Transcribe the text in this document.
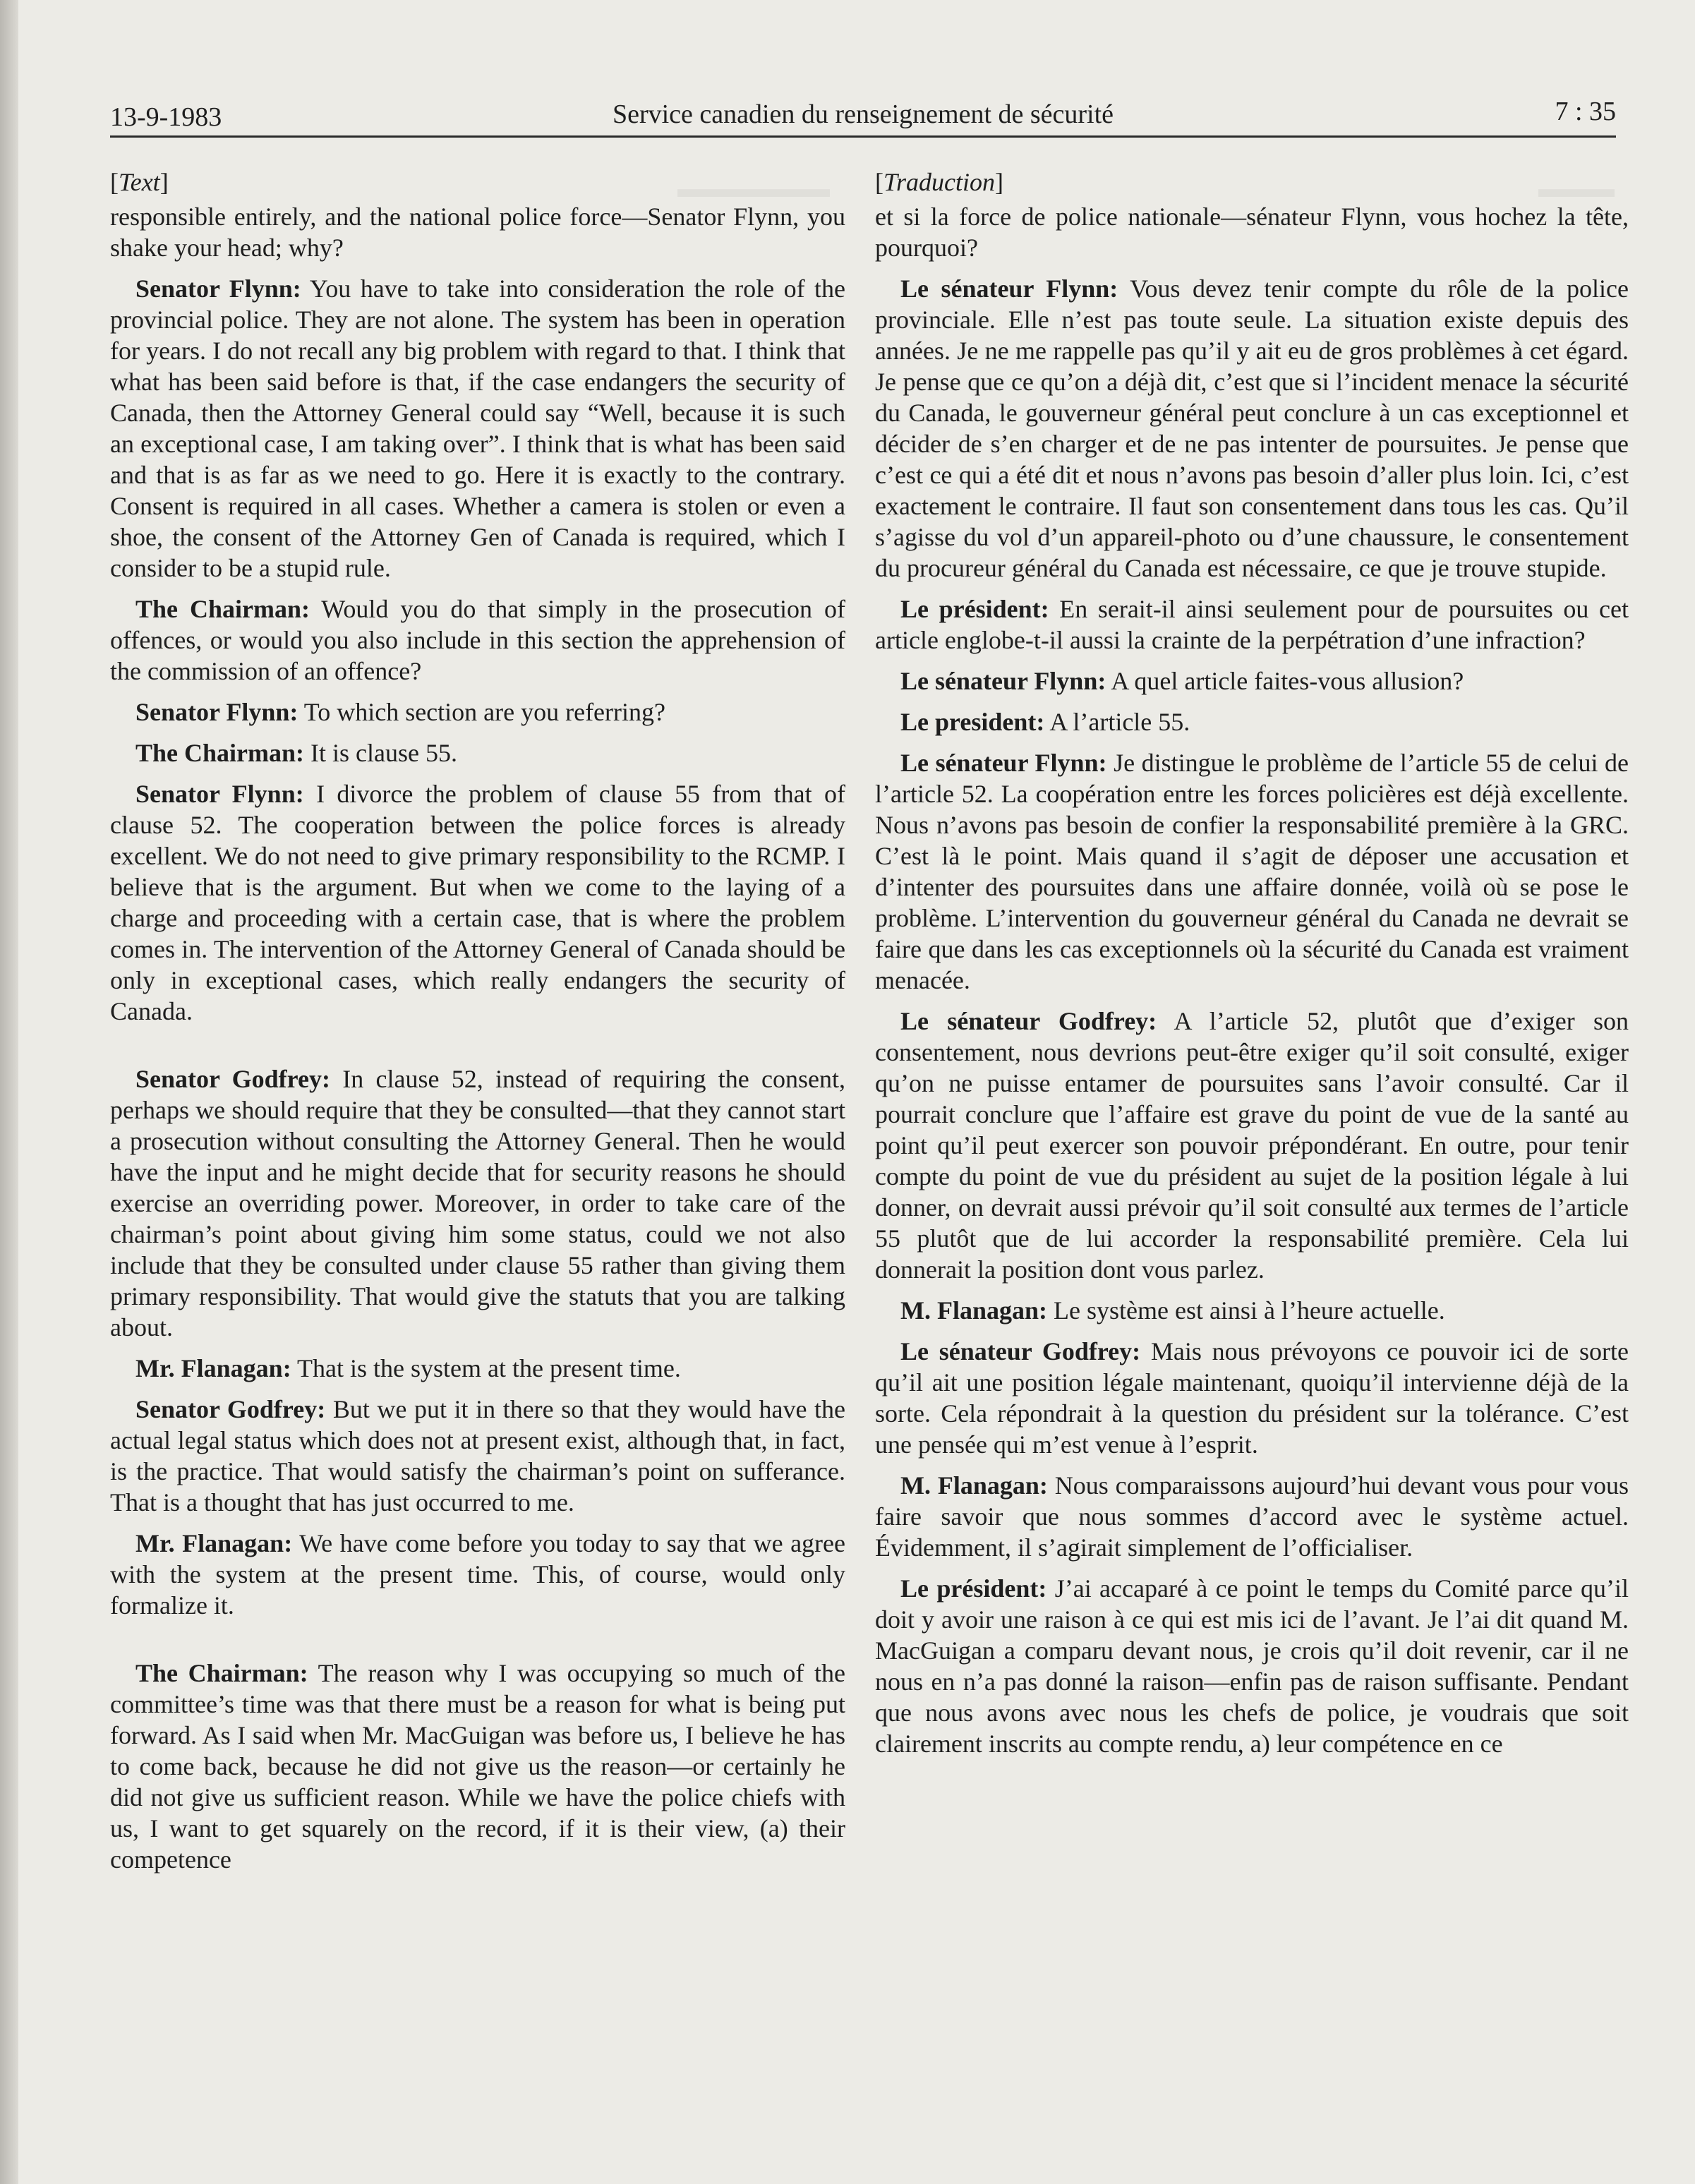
13-9-1983	Service canadien du renseignement de sécurité	7 : 35
▬▬▬▬▬▬	▬▬▬
[Text]

responsible entirely, and the national police force—Senator Flynn, you shake your head; why?

Senator Flynn: You have to take into consideration the role of the provincial police. They are not alone. The system has been in operation for years. I do not recall any big problem with regard to that. I think that what has been said before is that, if the case endangers the security of Canada, then the Attorney General could say “Well, because it is such an exceptional case, I am taking over”. I think that is what has been said and that is as far as we need to go. Here it is exactly to the contrary. Consent is required in all cases. Whether a camera is stolen or even a shoe, the consent of the Attorney Gen of Canada is required, which I consider to be a stupid rule.

The Chairman: Would you do that simply in the prosecution of offences, or would you also include in this section the apprehension of the commission of an offence?

Senator Flynn: To which section are you referring?

The Chairman: It is clause 55.

Senator Flynn: I divorce the problem of clause 55 from that of clause 52. The cooperation between the police forces is already excellent. We do not need to give primary responsibility to the RCMP. I believe that is the argument. But when we come to the laying of a charge and proceeding with a certain case, that is where the problem comes in. The intervention of the Attorney General of Canada should be only in exceptional cases, which really endangers the security of Canada.

Senator Godfrey: In clause 52, instead of requiring the consent, perhaps we should require that they be consulted—that they cannot start a prosecution without consulting the Attorney General. Then he would have the input and he might decide that for security reasons he should exercise an overriding power. Moreover, in order to take care of the chairman’s point about giving him some status, could we not also include that they be consulted under clause 55 rather than giving them primary responsibility. That would give the statuts that you are talking about.

Mr. Flanagan: That is the system at the present time.

Senator Godfrey: But we put it in there so that they would have the actual legal status which does not at present exist, although that, in fact, is the practice. That would satisfy the chairman’s point on sufferance. That is a thought that has just occurred to me.

Mr. Flanagan: We have come before you today to say that we agree with the system at the present time. This, of course, would only formalize it.

The Chairman: The reason why I was occupying so much of the committee’s time was that there must be a reason for what is being put forward. As I said when Mr. MacGuigan was before us, I believe he has to come back, because he did not give us the reason—or certainly he did not give us sufficient reason. While we have the police chiefs with us, I want to get squarely on the record, if it is their view, (a) their competence

[Traduction]

et si la force de police nationale—sénateur Flynn, vous hochez la tête, pourquoi?

Le sénateur Flynn: Vous devez tenir compte du rôle de la police provinciale. Elle n’est pas toute seule. La situation existe depuis des années. Je ne me rappelle pas qu’il y ait eu de gros problèmes à cet égard. Je pense que ce qu’on a déjà dit, c’est que si l’incident menace la sécurité du Canada, le gouverneur général peut conclure à un cas exceptionnel et décider de s’en charger et de ne pas intenter de poursuites. Je pense que c’est ce qui a été dit et nous n’avons pas besoin d’aller plus loin. Ici, c’est exactement le contraire. Il faut son consentement dans tous les cas. Qu’il s’agisse du vol d’un appareil-photo ou d’une chaussure, le consentement du procureur général du Canada est nécessaire, ce que je trouve stupide.

Le président: En serait-il ainsi seulement pour de poursuites ou cet article englobe-t-il aussi la crainte de la perpétration d’une infraction?

Le sénateur Flynn: A quel article faites-vous allusion?

Le president: A l’article 55.

Le sénateur Flynn: Je distingue le problème de l’article 55 de celui de l’article 52. La coopération entre les forces policières est déjà excellente. Nous n’avons pas besoin de confier la responsabilité première à la GRC. C’est là le point. Mais quand il s’agit de déposer une accusation et d’intenter des poursuites dans une affaire donnée, voilà où se pose le problème. L’intervention du gouverneur général du Canada ne devrait se faire que dans les cas exceptionnels où la sécurité du Canada est vraiment menacée.

Le sénateur Godfrey: A l’article 52, plutôt que d’exiger son consentement, nous devrions peut-être exiger qu’il soit consulté, exiger qu’on ne puisse entamer de poursuites sans l’avoir consulté. Car il pourrait conclure que l’affaire est grave du point de vue de la santé au point qu’il peut exercer son pouvoir prépondérant. En outre, pour tenir compte du point de vue du président au sujet de la position légale à lui donner, on devrait aussi prévoir qu’il soit consulté aux termes de l’article 55 plutôt que de lui accorder la responsabilité première. Cela lui donnerait la position dont vous parlez.

M. Flanagan: Le système est ainsi à l’heure actuelle.

Le sénateur Godfrey: Mais nous prévoyons ce pouvoir ici de sorte qu’il ait une position légale maintenant, quoiqu’il intervienne déjà de la sorte. Cela répondrait à la question du président sur la tolérance. C’est une pensée qui m’est venue à l’esprit.

M. Flanagan: Nous comparaissons aujourd’hui devant vous pour vous faire savoir que nous sommes d’accord avec le système actuel. Évidemment, il s’agirait simplement de l’officialiser.

Le président: J’ai accaparé à ce point le temps du Comité parce qu’il doit y avoir une raison à ce qui est mis ici de l’avant. Je l’ai dit quand M. MacGuigan a comparu devant nous, je crois qu’il doit revenir, car il ne nous en n’a pas donné la raison—enfin pas de raison suffisante. Pendant que nous avons avec nous les chefs de police, je voudrais que soit clairement inscrits au compte rendu, a) leur compétence en ce
